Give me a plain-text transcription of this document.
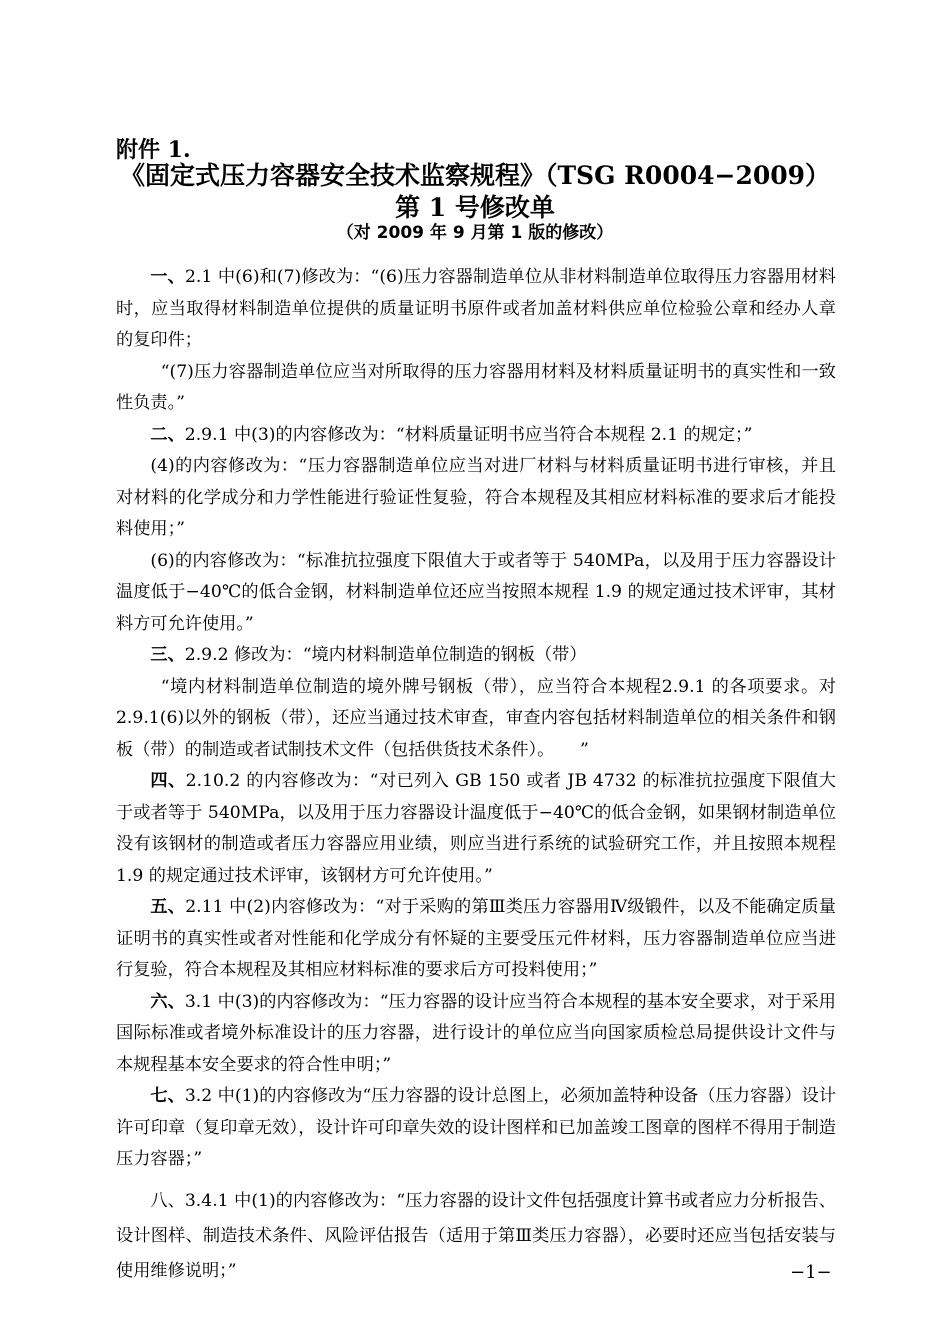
附件 1.
《固定式压力容器安全技术监察规程》（TSG R0004−2009）
第 1 号修改单
（对 2009 年 9 月第 1 版的修改）

一、2.1 中(6)和(7)修改为：“(6)压力容器制造单位从非材料制造单位取得压力容器用材料时，应当取得材料制造单位提供的质量证明书原件或者加盖材料供应单位检验公章和经办人章的复印件；

“(7)压力容器制造单位应当对所取得的压力容器用材料及材料质量证明书的真实性和一致性负责。”

二、2.9.1 中(3)的内容修改为：“材料质量证明书应当符合本规程 2.1 的规定；”

(4)的内容修改为：“压力容器制造单位应当对进厂材料与材料质量证明书进行审核，并且对材料的化学成分和力学性能进行验证性复验，符合本规程及其相应材料标准的要求后才能投料使用；”

(6)的内容修改为：“标准抗拉强度下限值大于或者等于 540MPa，以及用于压力容器设计温度低于−40℃的低合金钢，材料制造单位还应当按照本规程 1.9 的规定通过技术评审，其材料方可允许使用。”

三、2.9.2 修改为：“境内材料制造单位制造的钢板（带）

“境内材料制造单位制造的境外牌号钢板（带），应当符合本规程2.9.1 的各项要求。对 2.9.1(6)以外的钢板（带），还应当通过技术审查，审查内容包括材料制造单位的相关条件和钢板（带）的制造或者试制技术文件（包括供货技术条件）。　　”

四、2.10.2 的内容修改为：“对已列入 GB 150 或者 JB 4732 的标准抗拉强度下限值大于或者等于 540MPa，以及用于压力容器设计温度低于−40℃的低合金钢，如果钢材制造单位没有该钢材的制造或者压力容器应用业绩，则应当进行系统的试验研究工作，并且按照本规程 1.9 的规定通过技术评审，该钢材方可允许使用。”

五、2.11 中(2)内容修改为：“对于采购的第Ⅲ类压力容器用Ⅳ级锻件，以及不能确定质量证明书的真实性或者对性能和化学成分有怀疑的主要受压元件材料，压力容器制造单位应当进行复验，符合本规程及其相应材料标准的要求后方可投料使用；”

六、3.1 中(3)的内容修改为：“压力容器的设计应当符合本规程的基本安全要求，对于采用国际标准或者境外标准设计的压力容器，进行设计的单位应当向国家质检总局提供设计文件与本规程基本安全要求的符合性申明；”

七、3.2 中(1)的内容修改为“压力容器的设计总图上，必须加盖特种设备（压力容器）设计许可印章（复印章无效），设计许可印章失效的设计图样和已加盖竣工图章的图样不得用于制造压力容器；”

八、3.4.1 中(1)的内容修改为：“压力容器的设计文件包括强度计算书或者应力分析报告、设计图样、制造技术条件、风险评估报告（适用于第Ⅲ类压力容器），必要时还应当包括安装与使用维修说明；”	−1−
